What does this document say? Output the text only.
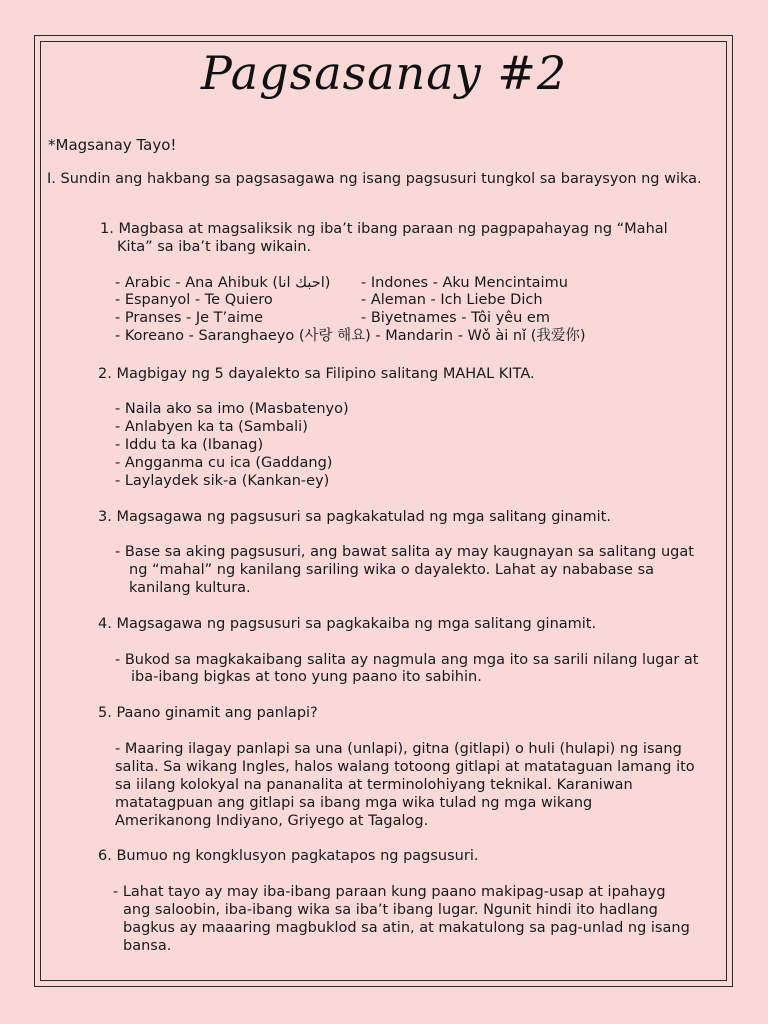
Pagsasanay #2
*Magsanay Tayo!
I. Sundin ang hakbang sa pagsasagawa ng isang pagsusuri tungkol sa baraysyon ng wika.
1. Magbasa at magsaliksik ng iba’t ibang paraan ng pagpapahayag ng “Mahal
Kita” sa iba’t ibang wikain.
- Arabic - Ana Ahibuk (احبك انا)
- Espanyol - Te Quiero
- Pranses - Je T’aime
- Koreano - Saranghaeyo (사랑 해요) - Mandarin - Wǒ ài nǐ (我爱你)
- Indones - Aku Mencintaimu
- Aleman - Ich Liebe Dich
- Biyetnames - Tôi yêu em
2. Magbigay ng 5 dayalekto sa Filipino salitang MAHAL KITA.
- Naila ako sa imo (Masbatenyo)
- Anlabyen ka ta (Sambali)
- Iddu ta ka (Ibanag)
- Angganma cu ica (Gaddang)
- Laylaydek sik-a (Kankan-ey)
3. Magsagawa ng pagsusuri sa pagkakatulad ng mga salitang ginamit.
- Base sa aking pagsusuri, ang bawat salita ay may kaugnayan sa salitang ugat
ng “mahal” ng kanilang sariling wika o dayalekto. Lahat ay nababase sa
kanilang kultura.
4. Magsagawa ng pagsusuri sa pagkakaiba ng mga salitang ginamit.
- Bukod sa magkakaibang salita ay nagmula ang mga ito sa sarili nilang lugar at
iba-ibang bigkas at tono yung paano ito sabihin.
5. Paano ginamit ang panlapi?
- Maaring ilagay panlapi sa una (unlapi), gitna (gitlapi) o huli (hulapi) ng isang
salita. Sa wikang Ingles, halos walang totoong gitlapi at matataguan lamang ito
sa iilang kolokyal na pananalita at terminolohiyang teknikal. Karaniwan
matatagpuan ang gitlapi sa ibang mga wika tulad ng mga wikang
Amerikanong Indiyano, Griyego at Tagalog.
6. Bumuo ng kongklusyon pagkatapos ng pagsusuri.
- Lahat tayo ay may iba-ibang paraan kung paano makipag-usap at ipahayg
ang saloobin, iba-ibang wika sa iba’t ibang lugar. Ngunit hindi ito hadlang
bagkus ay maaaring magbuklod sa atin, at makatulong sa pag-unlad ng isang
bansa.
